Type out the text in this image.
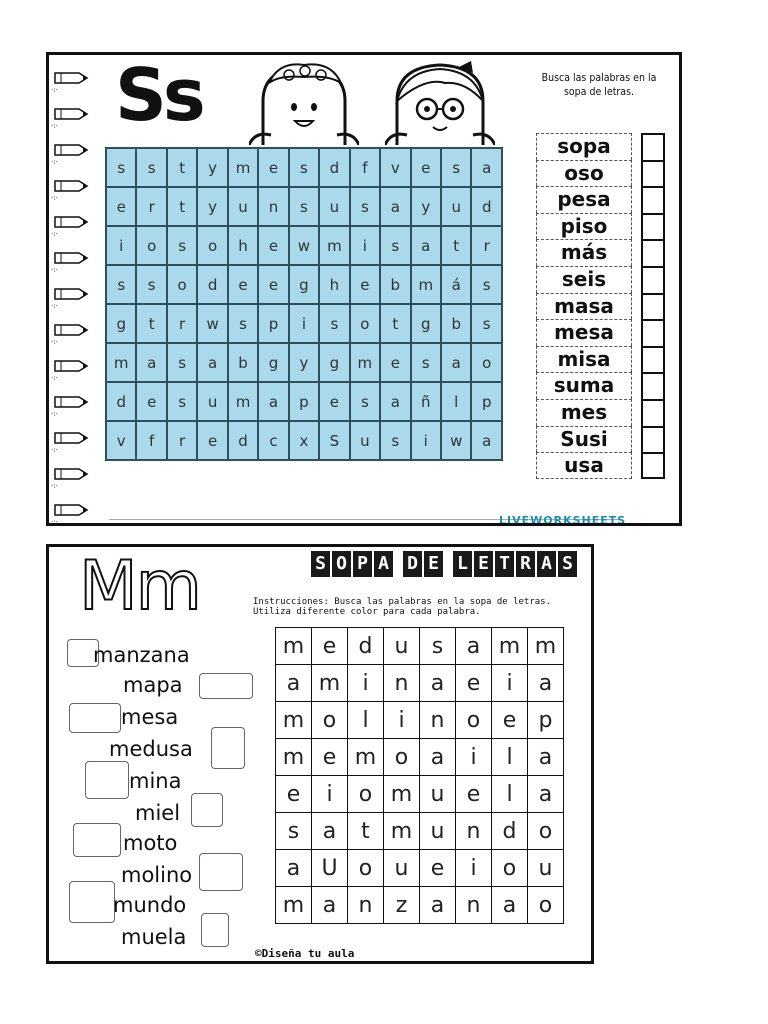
·:·
·:·
·:·
·:·
·:·
·:·
·:·
·:·
·:·
·:·
·:·
·:·
·:·
Ss
s	s	t	y	m	e	s	d	f	v	e	s	a
e	r	t	y	u	n	s	u	s	a	y	u	d
i	o	s	o	h	e	w	m	i	s	a	t	r
s	s	o	d	e	e	g	h	e	b	m	á	s
g	t	r	w	s	p	i	s	o	t	g	b	s
m	a	s	a	b	g	y	g	m	e	s	a	o
d	e	s	u	m	a	p	e	s	a	ñ	l	p
v	f	r	e	d	c	x	S	u	s	i	w	a
Busca las palabras en la sopa de letras.
sopa
oso
pesa
piso
más
seis
masa
mesa
misa
suma
mes
Susi
usa
LIVEWORKSHEETS
Mm	S O P A D E L E T R A S
Instrucciones: Busca las palabras en la sopa de letras.
Utiliza diferente color para cada palabra.
manzana
mapa
mesa
medusa
mina
miel
moto
molino
mundo
muela
m	e	d	u	s	a	m	m
a	m	i	n	a	e	i	a
m	o	l	i	n	o	e	p
m	e	m	o	a	i	l	a
e	i	o	m	u	e	l	a
s	a	t	m	u	n	d	o
a	U	o	u	e	i	o	u
m	a	n	z	a	n	a	o
©Diseña tu aula
